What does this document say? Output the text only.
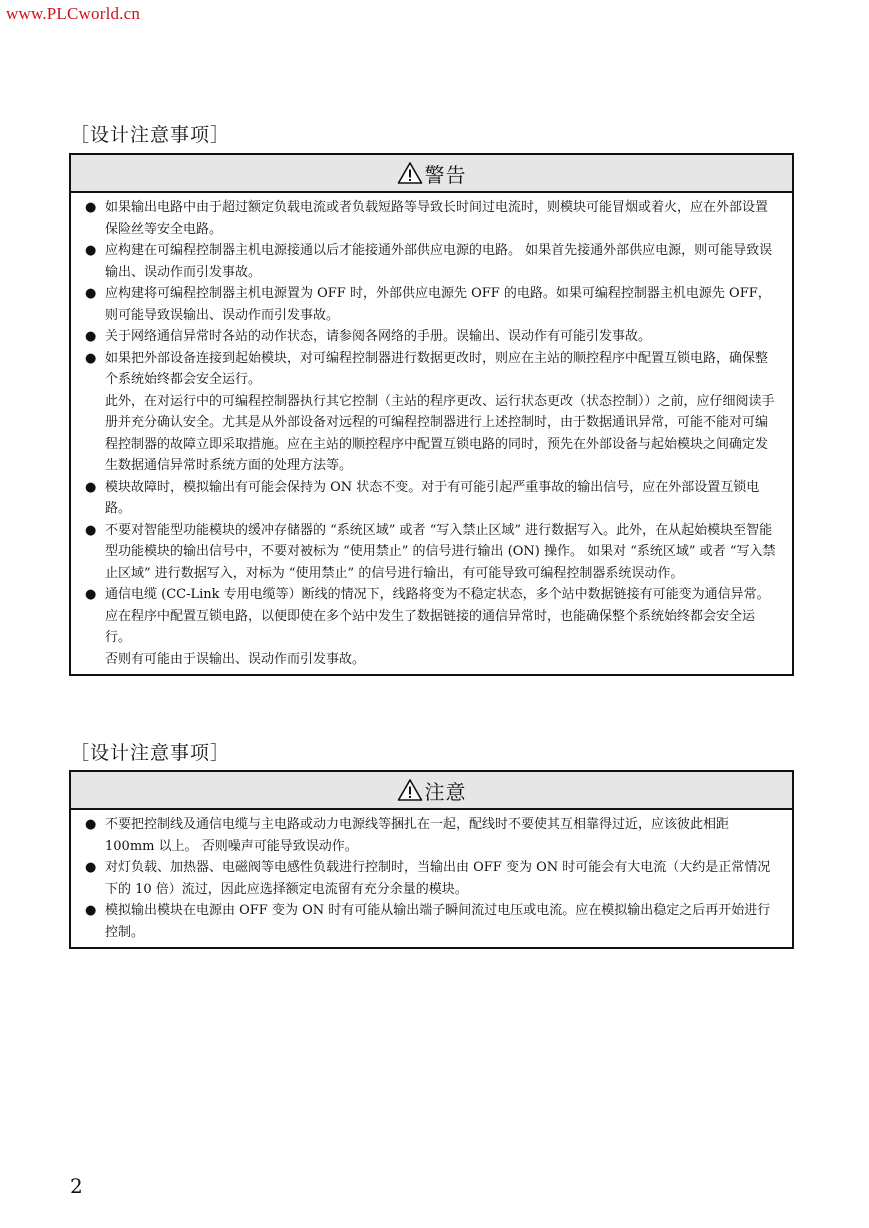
www.PLCworld.cn
［设计注意事项］
警告
● 如果输出电路中由于超过额定负载电流或者负载短路等导致长时间过电流时，则模块可能冒烟或着火，应在外部设置保险丝等安全电路。

● 应构建在可编程控制器主机电源接通以后才能接通外部供应电源的电路。 如果首先接通外部供应电源，则可能导致误输出、误动作而引发事故。

● 应构建将可编程控制器主机电源置为 OFF 时，外部供应电源先 OFF 的电路。如果可编程控制器主机电源先 OFF，则可能导致误输出、误动作而引发事故。

● 关于网络通信异常时各站的动作状态，请参阅各网络的手册。误输出、误动作有可能引发事故。

● 如果把外部设备连接到起始模块，对可编程控制器进行数据更改时，则应在主站的顺控程序中配置互锁电路，确保整个系统始终都会安全运行。

此外，在对运行中的可编程控制器执行其它控制（主站的程序更改、运行状态更改（状态控制））之前，应仔细阅读手册并充分确认安全。尤其是从外部设备对远程的可编程控制器进行上述控制时，由于数据通讯异常，可能不能对可编程控制器的故障立即采取措施。应在主站的顺控程序中配置互锁电路的同时，预先在外部设备与起始模块之间确定发生数据通信异常时系统方面的处理方法等。

● 模块故障时，模拟输出有可能会保持为 ON 状态不变。对于有可能引起严重事故的输出信号，应在外部设置互锁电路。

● 不要对智能型功能模块的缓冲存储器的 “系统区域” 或者 “写入禁止区域” 进行数据写入。此外，在从起始模块至智能型功能模块的输出信号中，不要对被标为 “使用禁止” 的信号进行输出 (ON) 操作。 如果对 “系统区域” 或者 “写入禁止区域” 进行数据写入，对标为 “使用禁止” 的信号进行输出，有可能导致可编程控制器系统误动作。

● 通信电缆 (CC-Link 专用电缆等）断线的情况下，线路将变为不稳定状态，多个站中数据链接有可能变为通信异常。

应在程序中配置互锁电路，以便即使在多个站中发生了数据链接的通信异常时，也能确保整个系统始终都会安全运行。

否则有可能由于误输出、误动作而引发事故。

［设计注意事项］
注意
● 不要把控制线及通信电缆与主电路或动力电源线等捆扎在一起，配线时不要使其互相靠得过近，应该彼此相距 100mm 以上。 否则噪声可能导致误动作。

● 对灯负载、加热器、电磁阀等电感性负载进行控制时，当输出由 OFF 变为 ON 时可能会有大电流（大约是正常情况下的 10 倍）流过，因此应选择额定电流留有充分余量的模块。

● 模拟输出模块在电源由 OFF 变为 ON 时有可能从输出端子瞬间流过电压或电流。应在模拟输出稳定之后再开始进行控制。

2
